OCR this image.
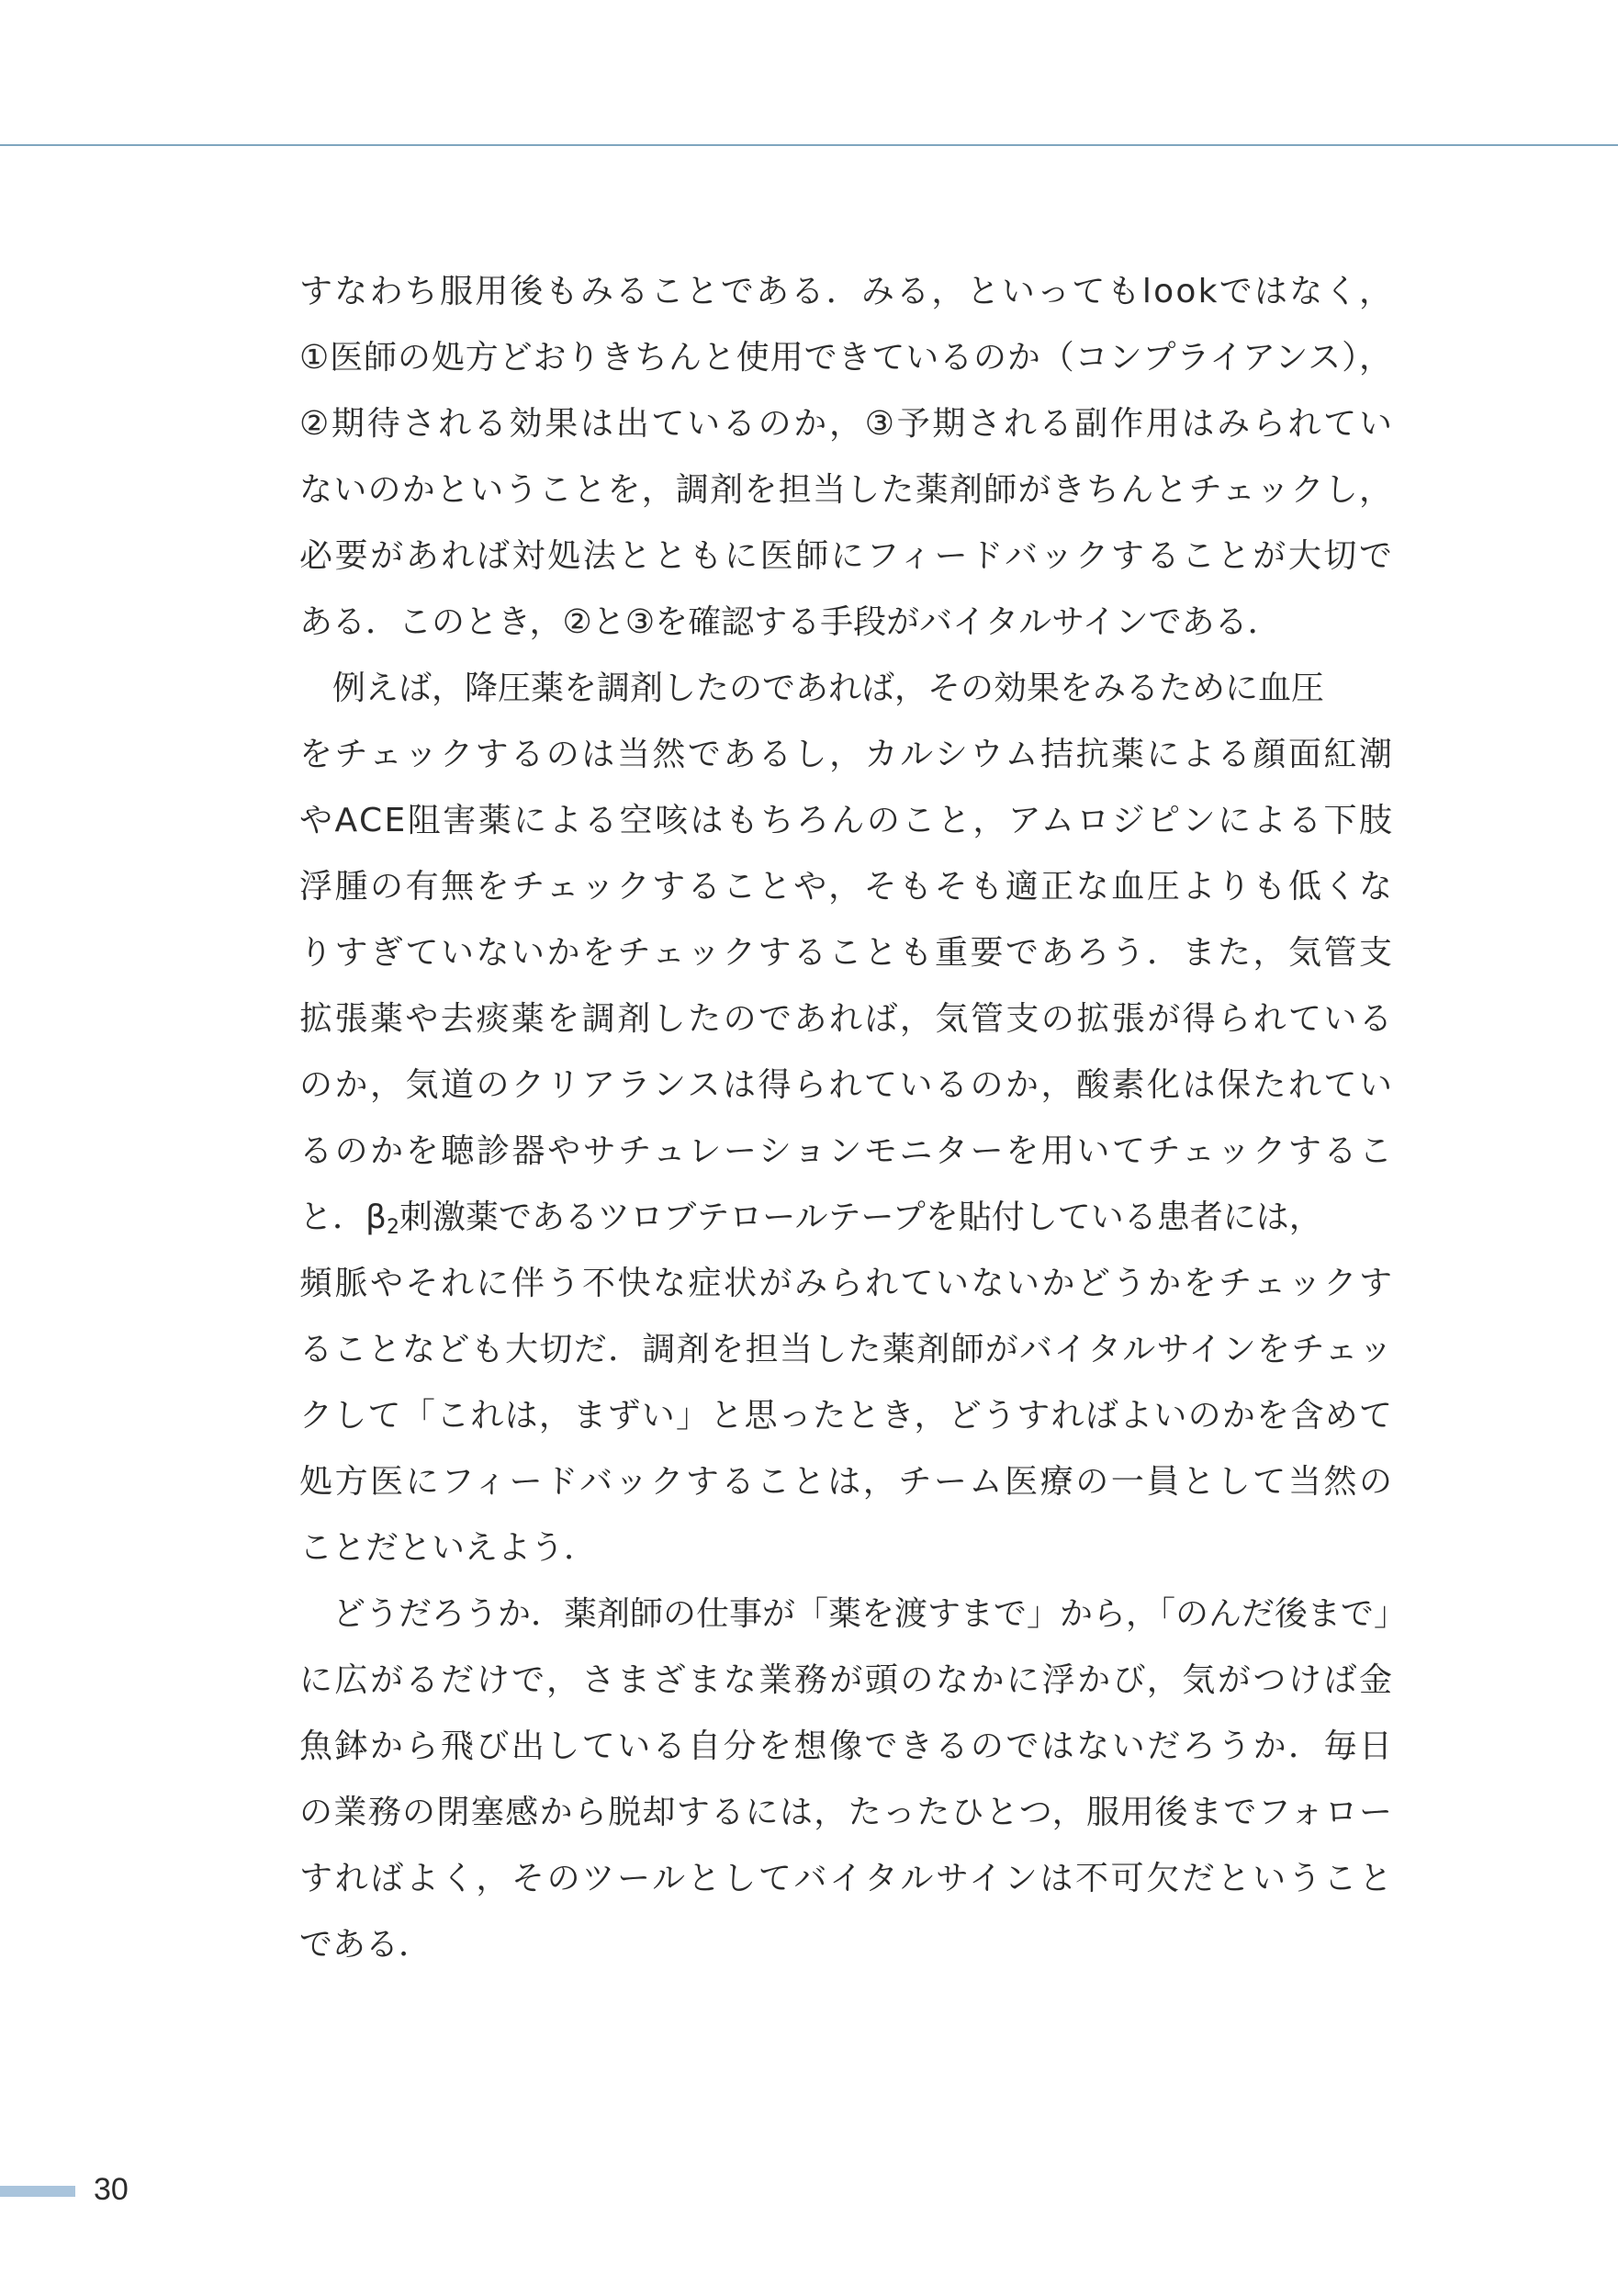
すなわち服用後もみることである．みる，といってもlookではなく，
①医師の処方どおりきちんと使用できているのか（コンプライアンス），
②期待される効果は出ているのか，③予期される副作用はみられてい
ないのかということを，調剤を担当した薬剤師がきちんとチェックし，
必要があれば対処法とともに医師にフィードバックすることが大切で
ある．このとき，②と③を確認する手段がバイタルサインである．
例えば，降圧薬を調剤したのであれば，その効果をみるために血圧
をチェックするのは当然であるし，カルシウム拮抗薬による顔面紅潮
やACE阻害薬による空咳はもちろんのこと，アムロジピンによる下肢
浮腫の有無をチェックすることや，そもそも適正な血圧よりも低くな
りすぎていないかをチェックすることも重要であろう．また，気管支
拡張薬や去痰薬を調剤したのであれば，気管支の拡張が得られている
のか，気道のクリアランスは得られているのか，酸素化は保たれてい
るのかを聴診器やサチュレーションモニターを用いてチェックするこ
と．$\beta_2$刺激薬であるツロブテロールテープを貼付している患者には，
頻脈やそれに伴う不快な症状がみられていないかどうかをチェックす
ることなども大切だ．調剤を担当した薬剤師がバイタルサインをチェッ
クして「これは，まずい」と思ったとき，どうすればよいのかを含めて
処方医にフィードバックすることは，チーム医療の一員として当然の
ことだといえよう．
どうだろうか．薬剤師の仕事が「薬を渡すまで」から，「のんだ後まで」
に広がるだけで，さまざまな業務が頭のなかに浮かび，気がつけば金
魚鉢から飛び出している自分を想像できるのではないだろうか．毎日
の業務の閉塞感から脱却するには，たったひとつ，服用後までフォロー
すればよく，そのツールとしてバイタルサインは不可欠だということ
である．
30
